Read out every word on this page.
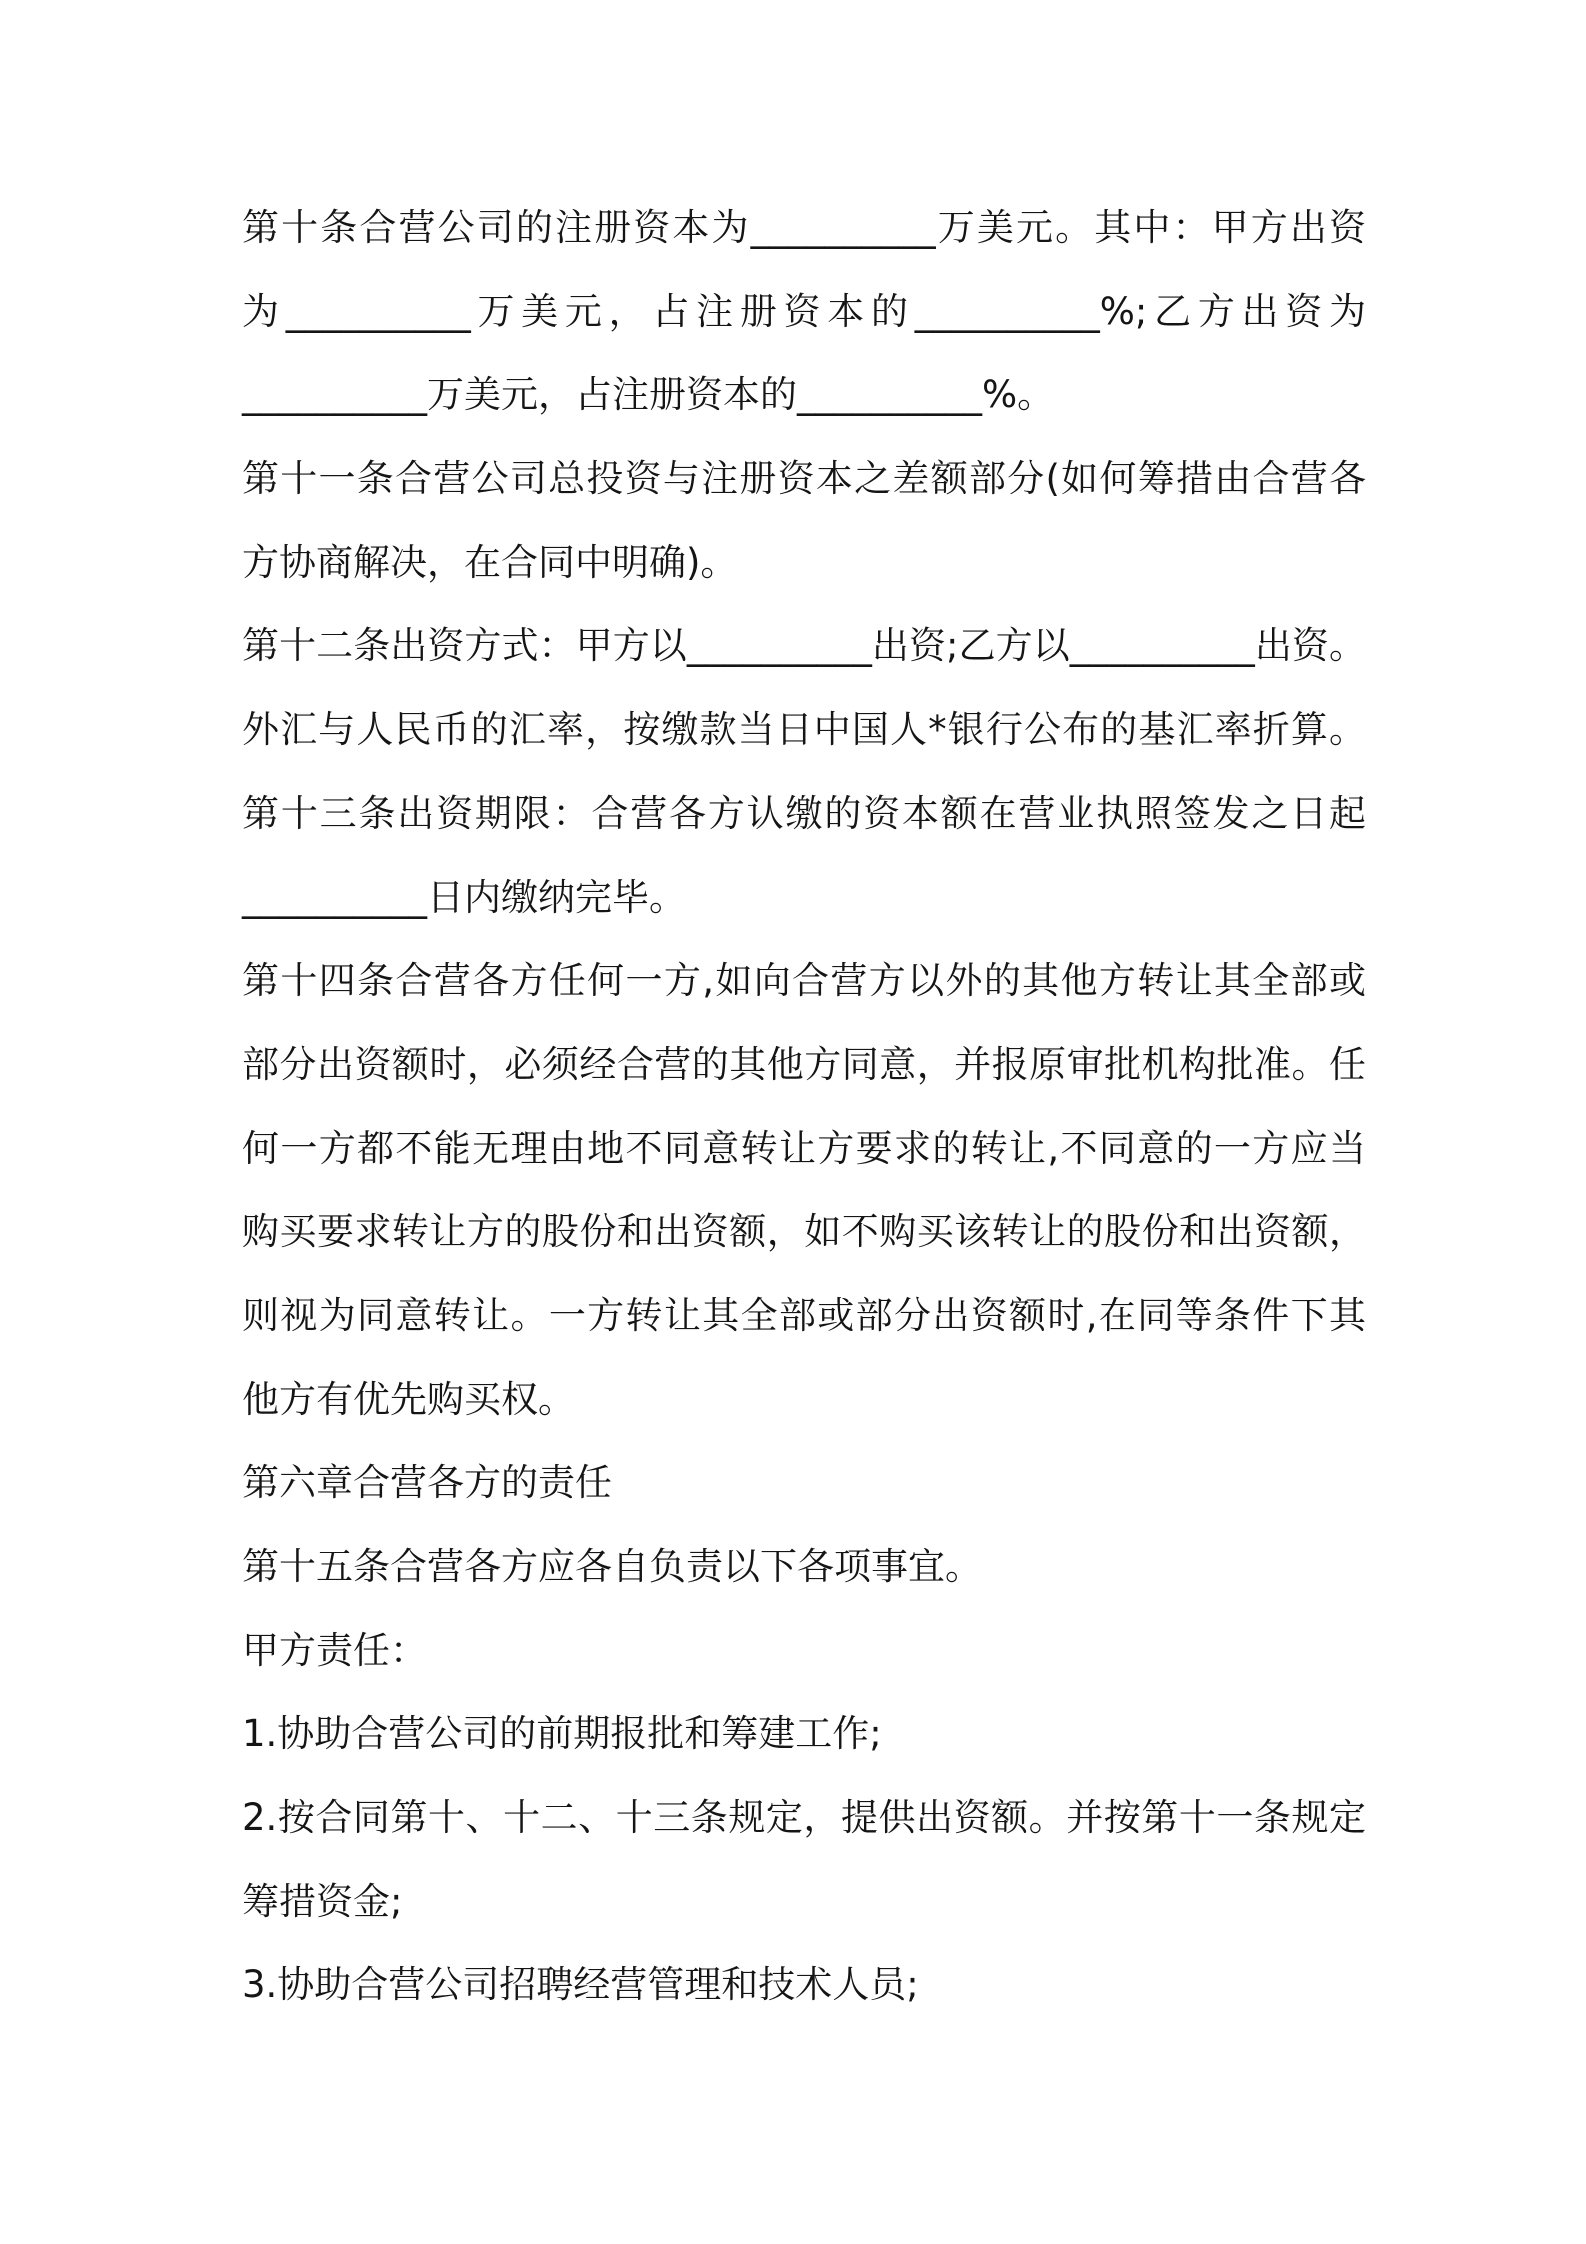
第十条合营公司的注册资本为__________万美元。其中：甲方出资
为__________万美元，占注册资本的__________%;乙方出资为
__________万美元，占注册资本的__________%。
第十一条合营公司总投资与注册资本之差额部分(如何筹措由合营各
方协商解决，在合同中明确)。
第十二条出资方式：甲方以__________出资;乙方以__________出资。
外汇与人民币的汇率，按缴款当日中国人*银行公布的基汇率折算。
第十三条出资期限：合营各方认缴的资本额在营业执照签发之日起
__________日内缴纳完毕。
第十四条合营各方任何一方,如向合营方以外的其他方转让其全部或
部分出资额时，必须经合营的其他方同意，并报原审批机构批准。任
何一方都不能无理由地不同意转让方要求的转让,不同意的一方应当
购买要求转让方的股份和出资额，如不购买该转让的股份和出资额，
则视为同意转让。一方转让其全部或部分出资额时,在同等条件下其
他方有优先购买权。
第六章合营各方的责任
第十五条合营各方应各自负责以下各项事宜。
甲方责任：
1.协助合营公司的前期报批和筹建工作;
2.按合同第十、十二、十三条规定，提供出资额。并按第十一条规定
筹措资金;
3.协助合营公司招聘经营管理和技术人员;
